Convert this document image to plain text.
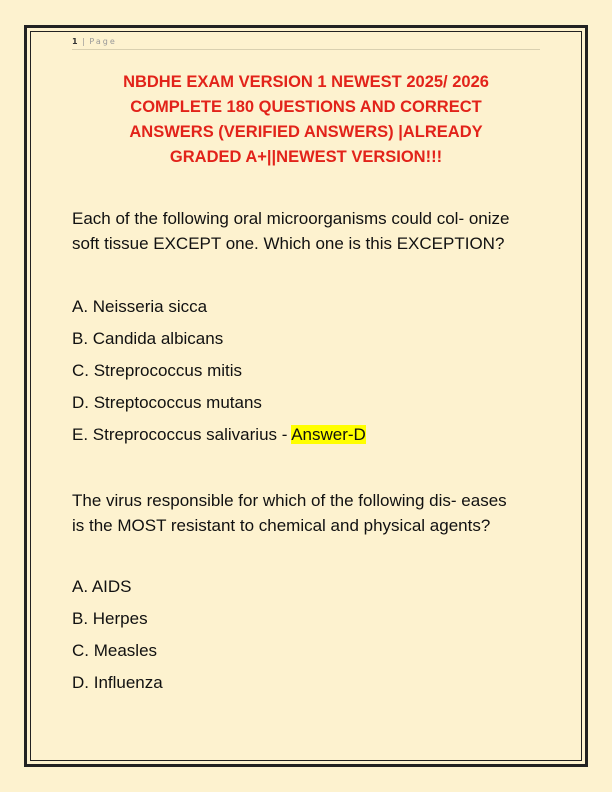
1 | Page
NBDHE EXAM VERSION 1 NEWEST 2025/ 2026
COMPLETE 180 QUESTIONS AND CORRECT
ANSWERS (VERIFIED ANSWERS) |ALREADY
GRADED A+||NEWEST VERSION!!!
Each of the following oral microorganisms could col- onize
soft tissue EXCEPT one. Which one is this EXCEPTION?
A. Neisseria sicca
B. Candida albicans
C. Streprococcus mitis
D. Streptococcus mutans
E. Streprococcus salivarius - Answer-D
The virus responsible for which of the following dis- eases
is the MOST resistant to chemical and physical agents?
A. AIDS
B. Herpes
C. Measles
D. Influenza
